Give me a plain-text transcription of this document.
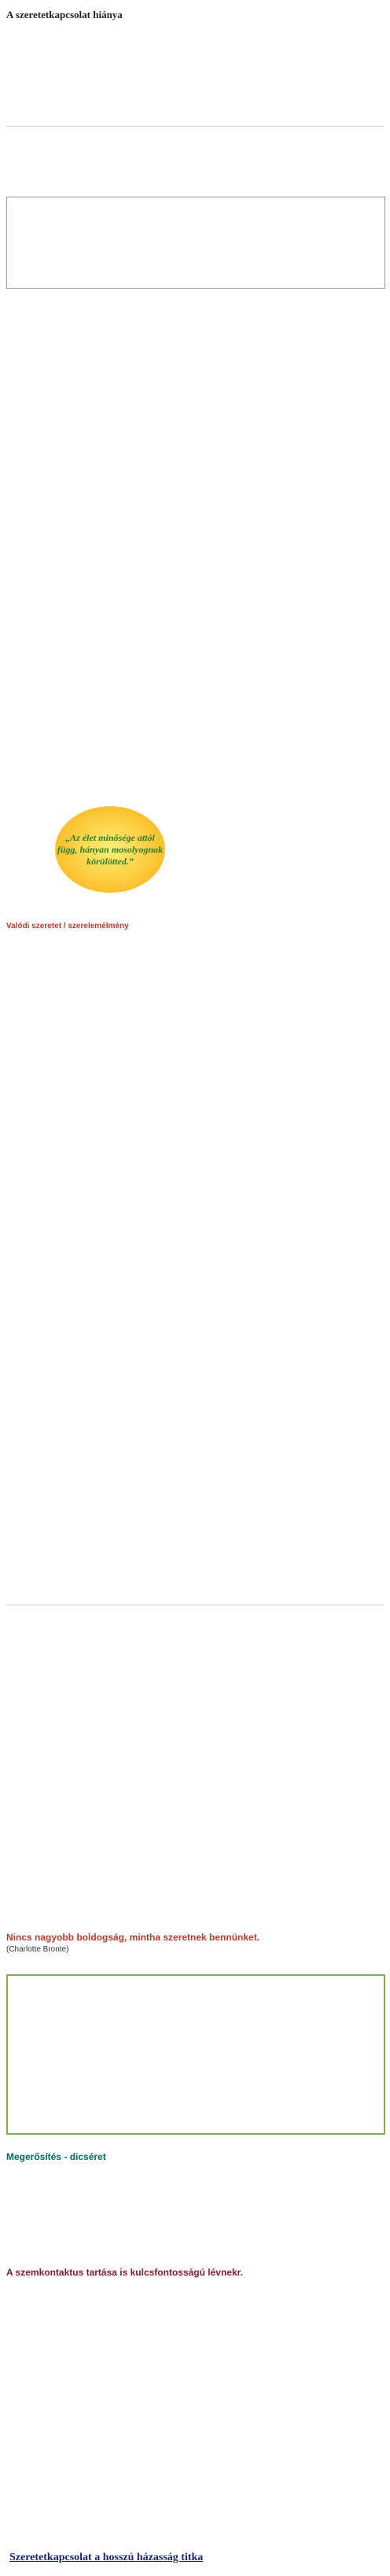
A szeretetkapcsolat hiánya
„Az élet minősége attól függ, hányan mosolyognak körülötted.”
Valódi szeretet / szerelemélmény
Nincs nagyobb boldogság, mintha szeretnek bennünket.
(Charlotte Bronte)
Megerősítés - dicséret
A szemkontaktus tartása is kulcsfontosságú lévnekr.
Szeretetkapcsolat a hosszú házasság titka
